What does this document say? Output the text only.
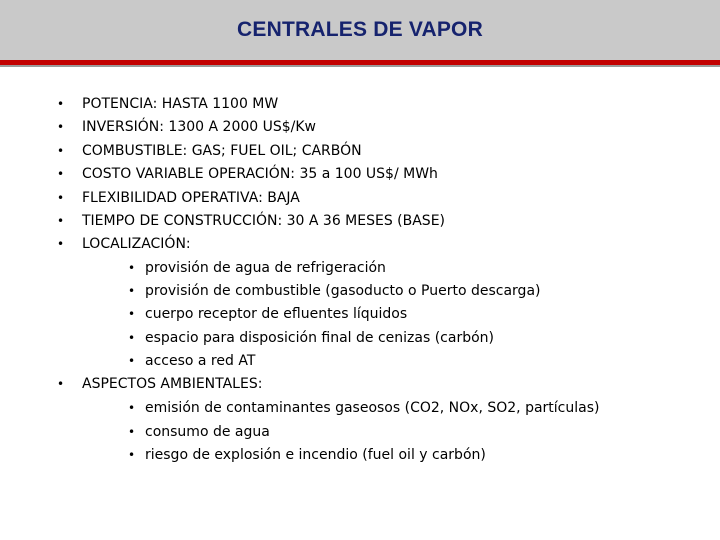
CENTRALES DE VAPOR
• POTENCIA: HASTA 1100 MW
• INVERSIÓN: 1300 A 2000 US$/Kw
• COMBUSTIBLE: GAS; FUEL OIL; CARBÓN
• COSTO VARIABLE OPERACIÓN: 35 a 100 US$/ MWh
• FLEXIBILIDAD OPERATIVA: BAJA
• TIEMPO DE CONSTRUCCIÓN: 30 A 36 MESES (BASE)
• LOCALIZACIÓN:
• provisión de agua de refrigeración
• provisión de combustible (gasoducto o Puerto descarga)
• cuerpo receptor de efluentes líquidos
• espacio para disposición final de cenizas (carbón)
• acceso a red AT
• ASPECTOS AMBIENTALES:
• emisión de contaminantes gaseosos (CO2, NOx, SO2, partículas)
• consumo de agua
• riesgo de explosión e incendio (fuel oil y carbón)
